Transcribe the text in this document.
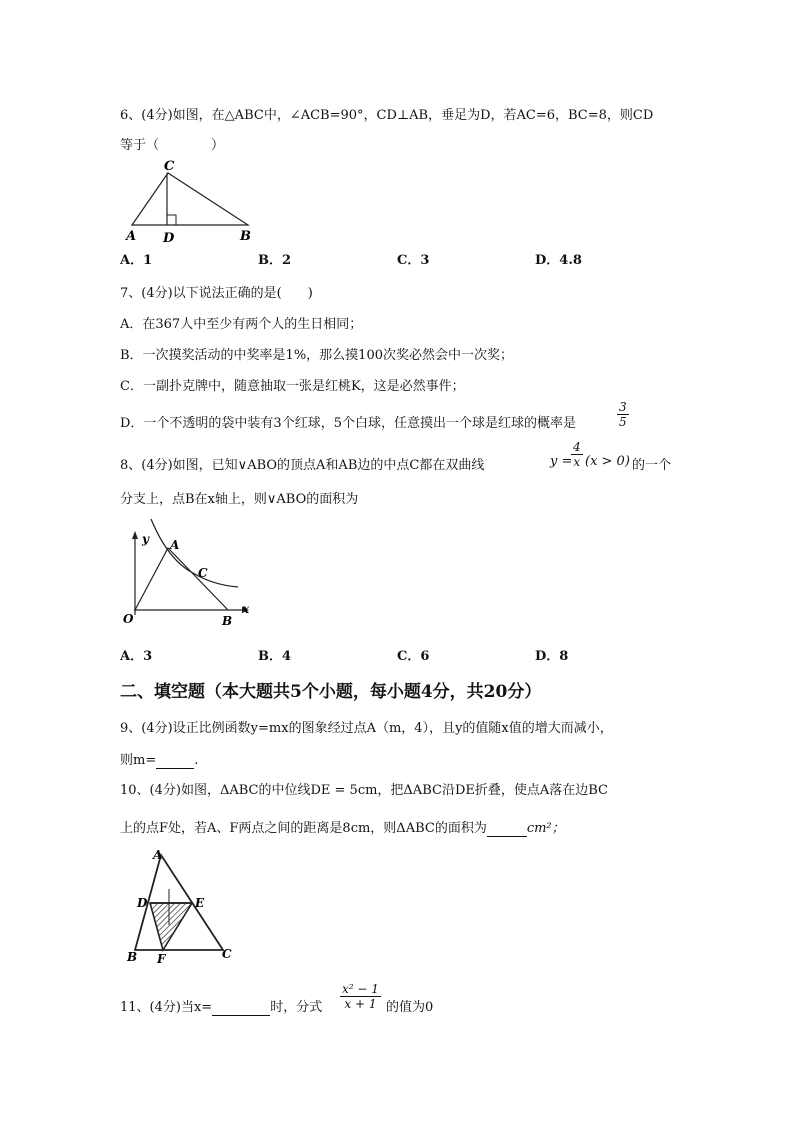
6、(4分)如图，在△ABC中，∠ACB=90°，CD⊥AB，垂足为D，若AC=6，BC=8，则CD
等于（　　　　）
C
A D	B
A．1	B．2	C．3	D．4.8
7、(4分)以下说法正确的是(　　)
A．在367人中至少有两个人的生日相同；
B．一次摸奖活动的中奖率是1%，那么摸100次奖必然会中一次奖；
C．一副扑克牌中，随意抽取一张是红桃K，这是必然事件；
D．一个不透明的袋中装有3个红球，5个白球，任意摸出一个球是红球的概率是	$\frac{3}{5}$
8、(4分)如图，已知∨ABO的顶点A和AB边的中点C都在双曲线	y =
$\frac{4}{x} (x > 0)$ 的一个
分支上，点B在x轴上，则∨ABO的面积为
y
x
A
C
O	B
A．3	B．4	C．6	D．8
二、填空题（本大题共5个小题，每小题4分，共20分）
9、(4分)设正比例函数y=mx的图象经过点A（m，4），且y的值随x值的增大而减小，
则m=	.
10、(4分)如图，ΔABC的中位线DE = 5cm，把ΔABC沿DE折叠，使点A落在边BC
上的点F处，若A、F两点之间的距离是8cm，则ΔABC的面积为	cm²；
A
D	E
B F	C
11、(4分)当x=	时，分式 $\frac{\text{x² − 1}}{x + 1}$ 的值为0
